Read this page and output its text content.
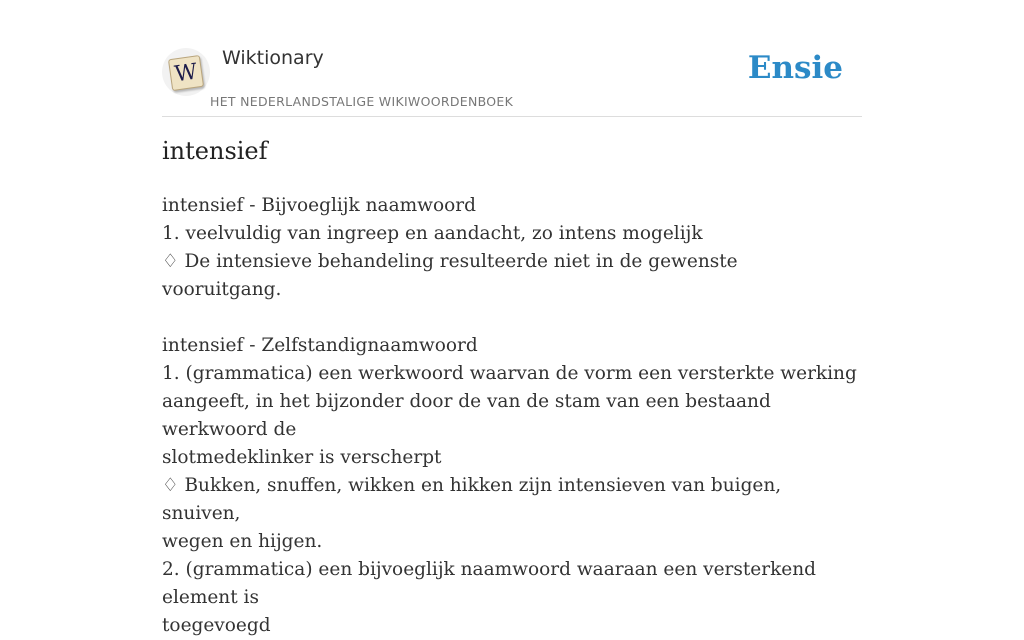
W
Wiktionary
HET NEDERLANDSTALIGE WIKIWOORDENBOEK
Ensie
intensief
intensief - Bijvoeglijk naamwoord
1. veelvuldig van ingreep en aandacht, zo intens mogelijk
♢ De intensieve behandeling resulteerde niet in de gewenste vooruitgang.
intensief - Zelfstandignaamwoord
1. (grammatica) een werkwoord waarvan de vorm een versterkte werking
aangeeft, in het bijzonder door de van de stam van een bestaand werkwoord de
slotmedeklinker is verscherpt
♢ Bukken, snuffen, wikken en hikken zijn intensieven van buigen, snuiven,
wegen en hijgen.
2. (grammatica) een bijvoeglijk naamwoord waaraan een versterkend element is
toegevoegd
